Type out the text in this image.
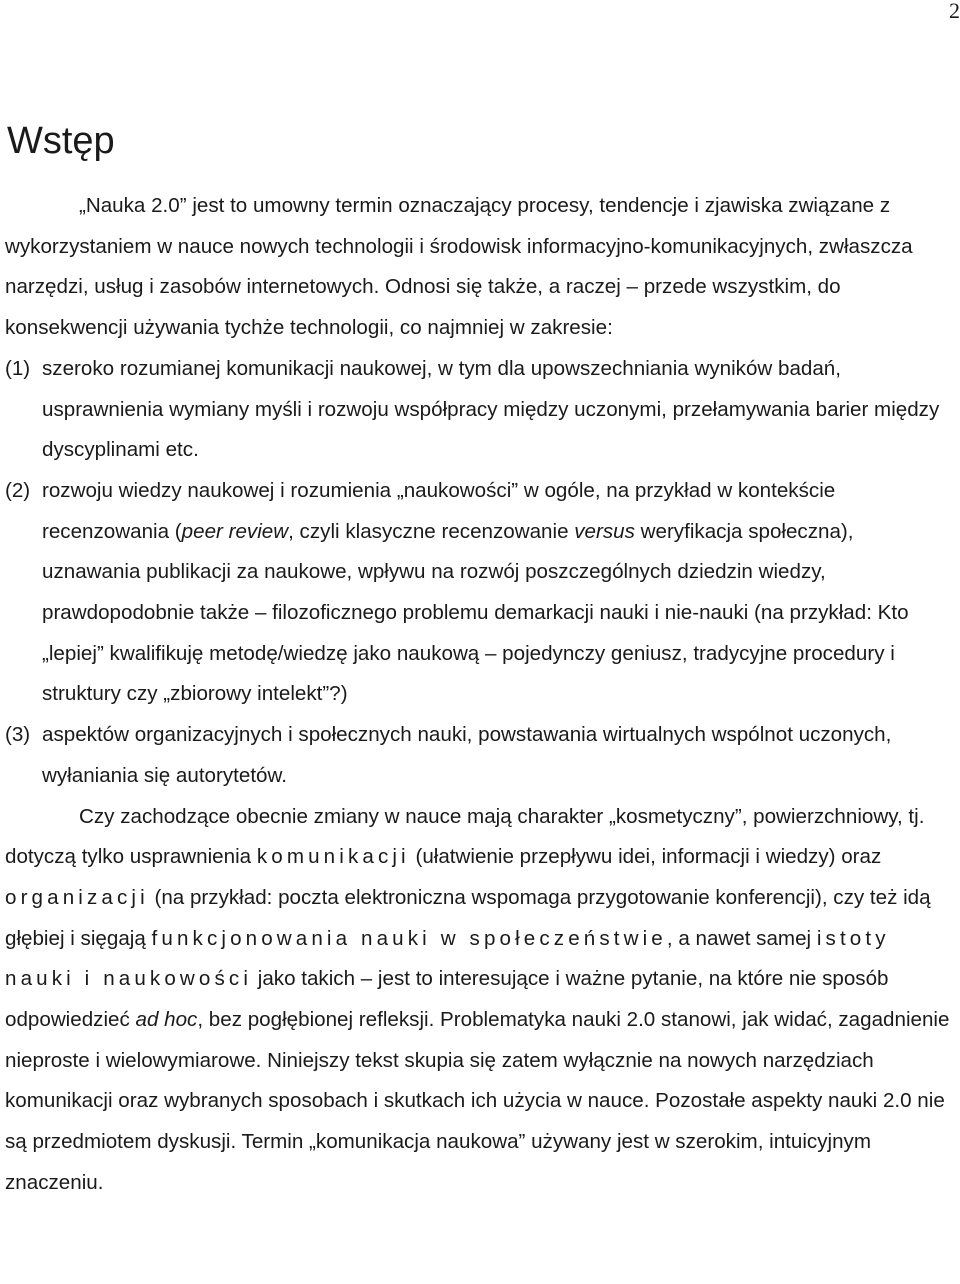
2
Wstęp

„Nauka 2.0” jest to umowny termin oznaczający procesy, tendencje i zjawiska związane z wykorzystaniem w nauce nowych technologii i środowisk informacyjno-komunikacyjnych, zwłaszcza narzędzi, usług i zasobów internetowych. Odnosi się także, a raczej – przede wszystkim, do konsekwencji używania tychże technologii, co najmniej w zakresie:

(1) szeroko rozumianej komunikacji naukowej, w tym dla upowszechniania wyników badań, usprawnienia wymiany myśli i rozwoju współpracy między uczonymi, przełamywania barier między dyscyplinami etc.

(2) rozwoju wiedzy naukowej i rozumienia „naukowości” w ogóle, na przykład w kontekście recenzowania (peer review, czyli klasyczne recenzowanie versus weryfikacja społeczna), uznawania publikacji za naukowe, wpływu na rozwój poszczególnych dziedzin wiedzy, prawdopodobnie także – filozoficznego problemu demarkacji nauki i nie-nauki (na przykład: Kto „lepiej” kwalifikuję metodę/wiedzę jako naukową – pojedynczy geniusz, tradycyjne procedury i struktury czy „zbiorowy intelekt”?)

(3) aspektów organizacyjnych i społecznych nauki, powstawania wirtualnych wspólnot uczonych, wyłaniania się autorytetów.

Czy zachodzące obecnie zmiany w nauce mają charakter „kosmetyczny”, powierzchniowy, tj. dotyczą tylko usprawnienia komunikacji (ułatwienie przepływu idei, informacji i wiedzy) oraz organizacji (na przykład: poczta elektroniczna wspomaga przygotowanie konferencji), czy też idą głębiej i sięgają funkcjonowania nauki w społeczeństwie, a nawet samej istoty nauki i naukowości jako takich – jest to interesujące i ważne pytanie, na które nie sposób odpowiedzieć ad hoc, bez pogłębionej refleksji. Problematyka nauki 2.0 stanowi, jak widać, zagadnienie nieproste i wielowymiarowe. Niniejszy tekst skupia się zatem wyłącznie na nowych narzędziach komunikacji oraz wybranych sposobach i skutkach ich użycia w nauce. Pozostałe aspekty nauki 2.0 nie są przedmiotem dyskusji. Termin „komunikacja naukowa” używany jest w szerokim, intuicyjnym znaczeniu.
